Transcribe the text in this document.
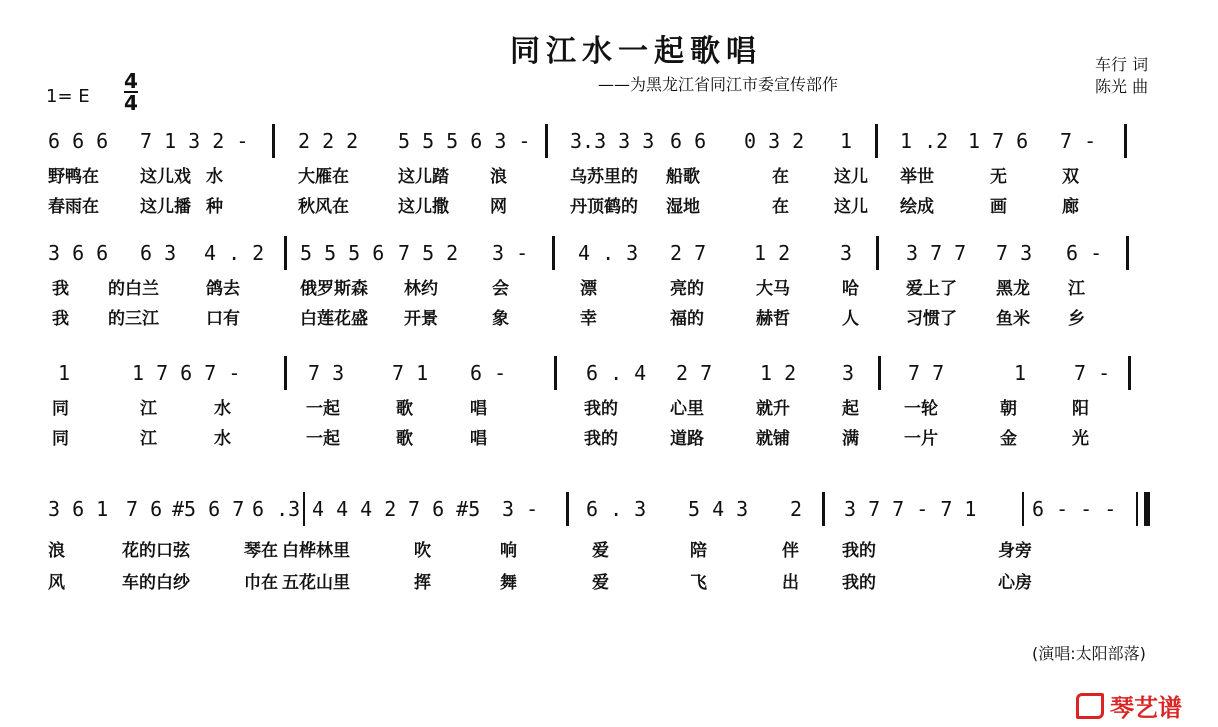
同江水一起歌唱
——为黑龙江省同江市委宣传部作
车行 词
陈光 曲
1= E
4
4
6 6 6 7 1 3 2 - 2 2 2 5 5 5 6 3 - 3.3 3 3 6 6 0 3 2 1 1 .2 1 7 6 7 -
野鸭在 这儿戏 水	大雁在	这儿踏 浪	乌苏里的 船歌	在	这儿 举世	无	双
春雨在 这儿播 种	秋风在	这儿撒 网	丹顶鹤的 湿地	在	这儿 绘成	画	廊
3 6 6 6 3 4 . 2 5 5 5 6 7 5 2 3 - 4 . 3 2 7 1 2 3	3 7 7 7 3 6 -
我 的白兰	鸽去	俄罗斯森 林约	会	漂	亮的	大马	哈	爱上了 黑龙 江
我 的三江	口有	白莲花盛 开景	象	幸	福的	赫哲	人	习惯了 鱼米 乡
1	1 7 6 7 -	7 3 7 1 6 -	6 . 4 2 7 1 2 3	7 7	1 7 -
同	江	水	一起	歌	唱	我的	心里	就升	起	一轮	朝	阳
同	江	水	一起	歌	唱	我的	道路	就铺	满	一片	金	光
3 6 1 7 6 #5 6 7 6 .3 4 4 4 2 7 6 #5 3 - 6 . 3 5 4 3 2 3 7 7 - 7 1	6 - - -
浪	花的口弦	琴在 白桦林里	吹	响	爱	陪	伴	我的	身旁
风	车的白纱	巾在 五花山里	挥	舞	爱	飞	出	我的	心房
(演唱:太阳部落)
琴艺谱
